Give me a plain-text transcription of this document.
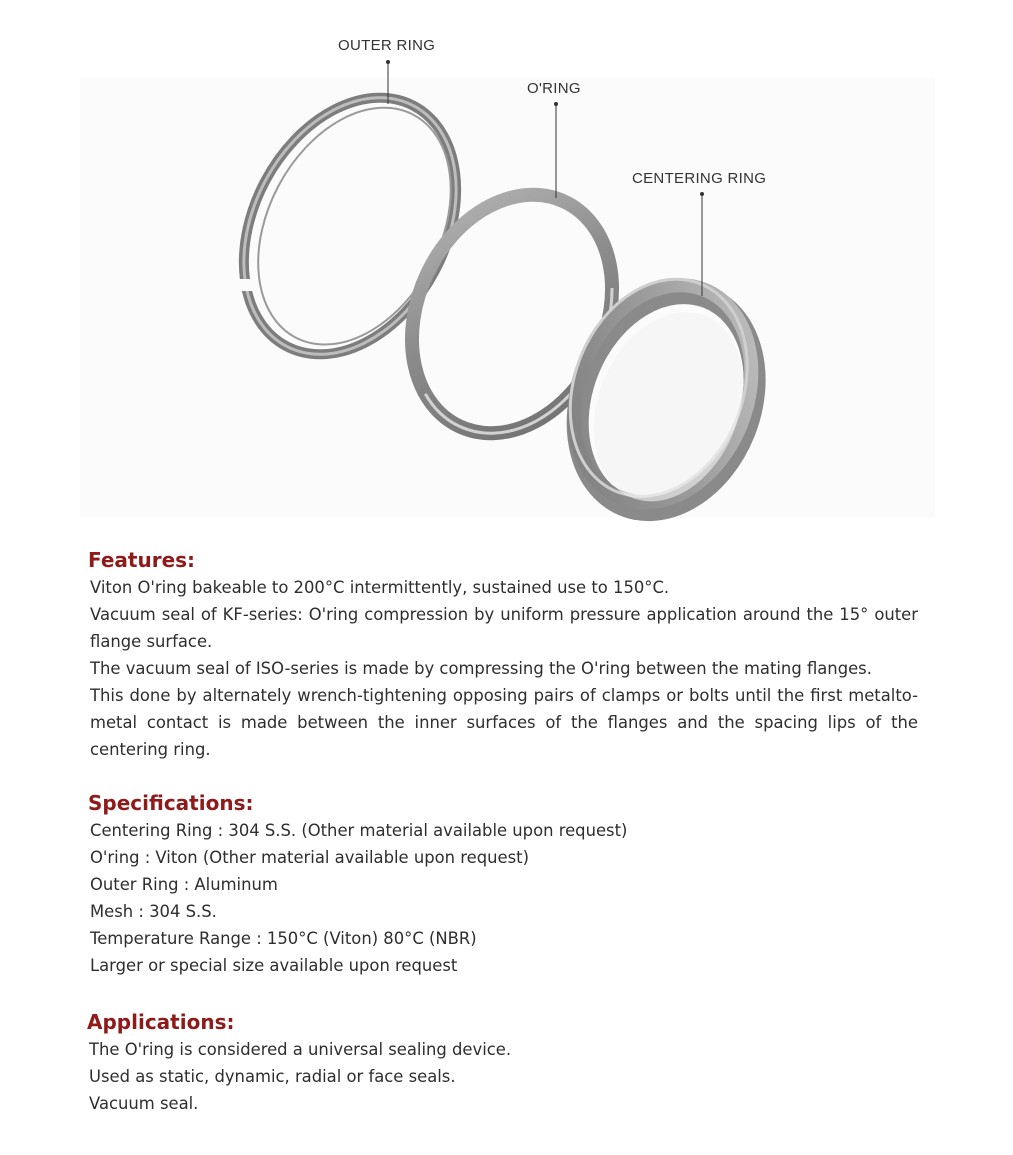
OUTER RING
O'RING
CENTERING RING
Features:

Viton O'ring bakeable to 200°C intermittently, sustained use to 150°C.

Vacuum seal of KF-series: O'ring compression by uniform pressure application around the 15° outer flange surface.

The vacuum seal of ISO-series is made by compressing the O'ring between the mating flanges.

This done by alternately wrench-tightening opposing pairs of clamps or bolts until the first metalto-metal contact is made between the inner surfaces of the flanges and the spacing lips of the centering ring.

Specifications:

Centering Ring : 304 S.S. (Other material available upon request)

O'ring : Viton (Other material available upon request)

Outer Ring : Aluminum

Mesh : 304 S.S.

Temperature Range : 150°C (Viton) 80°C (NBR)

Larger or special size available upon request

Applications:

The O'ring is considered a universal sealing device.

Used as static, dynamic, radial or face seals.

Vacuum seal.
